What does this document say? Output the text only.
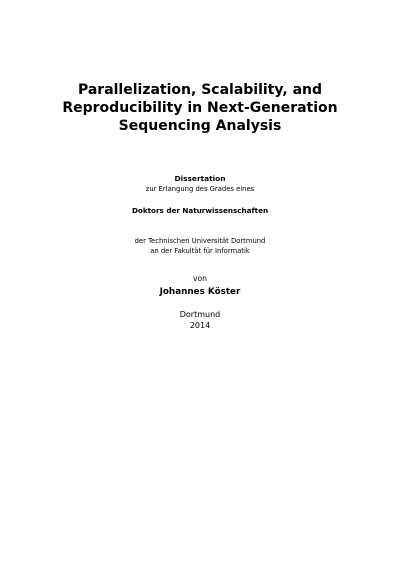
Parallelization, Scalability, and
Reproducibility in Next-Generation
Sequencing Analysis
Dissertation
zur Erlangung des Grades eines
Doktors der Naturwissenschaften
der Technischen Universität Dortmund
an der Fakultät für Informatik
von
Johannes Köster
Dortmund
2014
